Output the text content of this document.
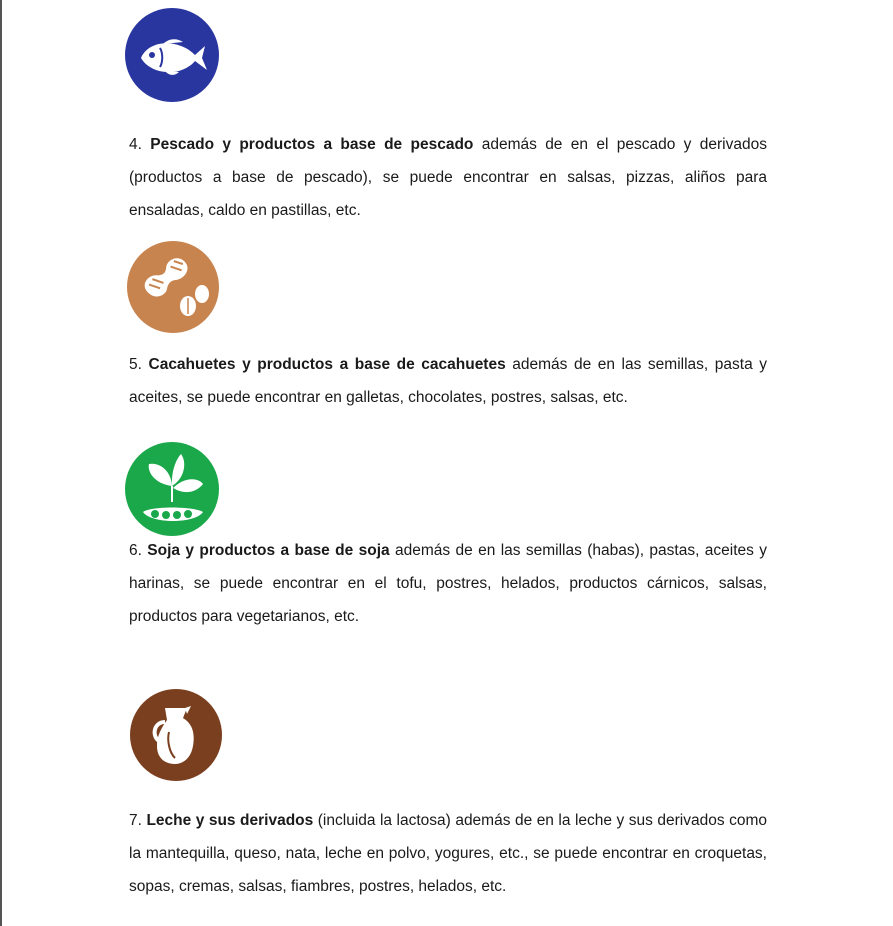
4. Pescado y productos a base de pescado además de en el pescado y derivados (productos a base de pescado), se puede encontrar en salsas, pizzas, aliños para ensaladas, caldo en pastillas, etc.

5. Cacahuetes y productos a base de cacahuetes además de en las semillas, pasta y aceites, se puede encontrar en galletas, chocolates, postres, salsas, etc.

6. Soja y productos a base de soja además de en las semillas (habas), pastas, aceites y harinas, se puede encontrar en el tofu, postres, helados, productos cárnicos, salsas, productos para vegetarianos, etc.

7. Leche y sus derivados (incluida la lactosa) además de en la leche y sus derivados como la mantequilla, queso, nata, leche en polvo, yogures, etc., se puede encontrar en croquetas, sopas, cremas, salsas, fiambres, postres, helados, etc.
